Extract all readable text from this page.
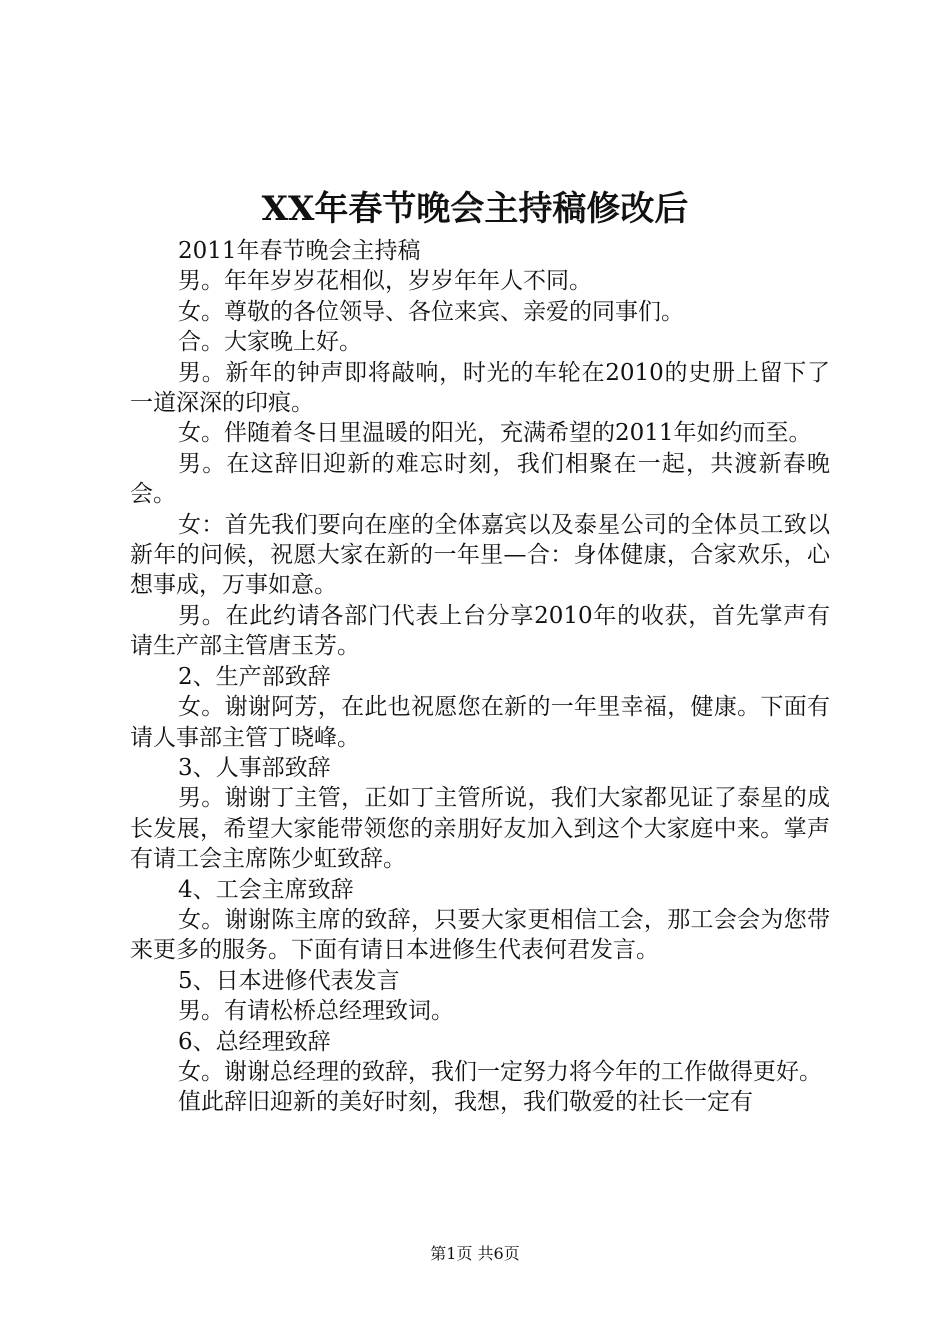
XX年春节晚会主持稿修改后

2011年春节晚会主持稿

男。年年岁岁花相似，岁岁年年人不同。

女。尊敬的各位领导、各位来宾、亲爱的同事们。

合。大家晚上好。

男。新年的钟声即将敲响，时光的车轮在2010的史册上留下了一道深深的印痕。

女。伴随着冬日里温暖的阳光，充满希望的2011年如约而至。

男。在这辞旧迎新的难忘时刻，我们相聚在一起，共渡新春晚会。

女：首先我们要向在座的全体嘉宾以及泰星公司的全体员工致以新年的问候，祝愿大家在新的一年里—合：身体健康，合家欢乐，心想事成，万事如意。

男。在此约请各部门代表上台分享2010年的收获，首先掌声有请生产部主管唐玉芳。

2、生产部致辞

女。谢谢阿芳，在此也祝愿您在新的一年里幸福，健康。下面有请人事部主管丁晓峰。

3、人事部致辞

男。谢谢丁主管，正如丁主管所说，我们大家都见证了泰星的成长发展，希望大家能带领您的亲朋好友加入到这个大家庭中来。掌声有请工会主席陈少虹致辞。

4、工会主席致辞

女。谢谢陈主席的致辞，只要大家更相信工会，那工会会为您带来更多的服务。下面有请日本进修生代表何君发言。

5、日本进修代表发言

男。有请松桥总经理致词。

6、总经理致辞

女。谢谢总经理的致辞，我们一定努力将今年的工作做得更好。

值此辞旧迎新的美好时刻，我想，我们敬爱的社长一定有

第1页 共6页
